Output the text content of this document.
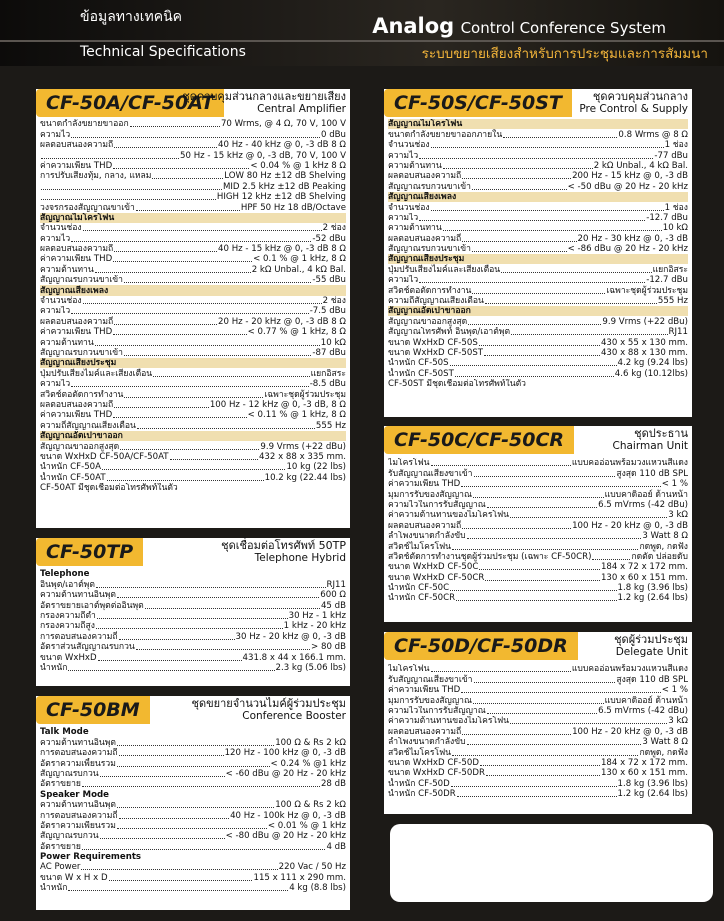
ข้อมูลทางเทคนิค
Technical Specifications
Analog Control Conference System
ระบบขยายเสียงสำหรับการประชุมและการสัมมนา
CF-50A/CF-50AT
ชุดควบคุมส่วนกลางและขยายเสียง
Central Amplifier
ขนาดกำลังขยายขาออก	70 Wrms, @ 4 Ω, 70 V, 100 V
ความไว	0 dBu
ผลตอบสนองความถี่	40 Hz - 40 kHz @ 0, -3 dB 8 Ω
50 Hz - 15 kHz @ 0, -3 dB, 70 V, 100 V
ค่าความเพี้ยน THD	< 0.04 % @ 1 kHz 8 Ω
การปรับเสียงทุ้ม, กลาง, แหลม	LOW 80 Hz ±12 dB Shelving
MID 2.5 kHz ±12 dB Peaking
HIGH 12 kHz ±12 dB Shelving
วงจรกรองสัญญาณขาเข้า	HPF 50 Hz 18 dB/Octave
สัญญาณไมโครโฟน
จำนวนช่อง	2 ช่อง
ความไว	-52 dBu
ผลตอบสนองความถี่	40 Hz - 15 kHz @ 0, -3 dB 8 Ω
ค่าความเพี้ยน THD	< 0.1 % @ 1 kHz, 8 Ω
ความต้านทาน	2 kΩ Unbal., 4 kΩ Bal.
สัญญาณรบกวนขาเข้า	-55 dBu
สัญญาณเสียงเพลง
จำนวนช่อง	2 ช่อง
ความไว	-7.5 dBu
ผลตอบสนองความถี่	20 Hz - 20 kHz @ 0, -3 dB 8 Ω
ค่าความเพี้ยน THD	< 0.77 % @ 1 kHz, 8 Ω
ความต้านทาน	10 kΩ
สัญญาณรบกวนขาเข้า	-87 dBu
สัญญาณเสียงประชุม
ปุ่มปรับเสียงไมค์และเสียงเตือน	แยกอิสระ
ความไว	-8.5 dBu
สวิตช์ตอตัดการทำงาน	เฉพาะชุดผู้ร่วมประชุม
ผลตอบสนองความถี่	100 Hz - 12 kHz @ 0, -3 dB, 8 Ω
ค่าความเพี้ยน THD	< 0.11 % @ 1 kHz, 8 Ω
ความถี่สัญญาณเสียงเตือน	555 Hz
สัญญาณอัตเปาขาออก
สัญญาณขาออกสูงสุด	9.9 Vrms (+22 dBu)
ขนาด WxHxD CF-50A/CF-50AT	432 x 88 x 335 mm.
น้ำหนัก CF-50A	10 kg (22 lbs)
น้ำหนัก CF-50AT	10.2 kg (22.44 lbs)
CF-50AT มีชุดเชื่อมต่อโทรศัพท์ในตัว
CF-50TP	ชุดเชื่อมต่อโทรศัพท์ 50TP
Telephone Hybrid
Telephone
อินพุต/เอาต์พุต	RJ11
ความต้านทานอินพุต	600 Ω
อัตราขยายเอาต์พุตต่ออินพุต	45 dB
กรองความถี่ต่ำ	30 Hz - 1 kHz
กรองความถี่สูง	1 kHz - 20 kHz
การตอบสนองความถี่	30 Hz - 20 kHz @ 0, -3 dB
อัตราส่วนสัญญาณรบกวน	> 80 dB
ขนาด WxHxD	431.8 x 44 x 166.1 mm.
น้ำหนัก	2.3 kg (5.06 lbs)
CF-50BM	ชุดขยายจำนวนไมค์ผู้ร่วมประชุม
Conference Booster
Talk Mode
ความต้านทานอินพุต	100 Ω & Rs 2 kΩ
การตอบสนองความถี่	120 Hz - 100 kHz @ 0, -3 dB
อัตราความเพี้ยนรวม	< 0.24 % @1 kHz
สัญญาณรบกวน	< -60 dBu @ 20 Hz - 20 kHz
อัตราขยาย	28 dB
Speaker Mode
ความต้านทานอินพุต	100 Ω & Rs 2 kΩ
การตอบสนองความถี่	40 Hz - 100k Hz @ 0, -3 dB
อัตราความเพี้ยนรวม	< 0.01 % @ 1 kHz
สัญญาณรบกวน	< -80 dBu @ 20 Hz - 20 kHz
อัตราขยาย	4 dB
Power Requirements
AC Power	220 Vac / 50 Hz
ขนาด W x H x D	115 x 111 x 290 mm.
น้ำหนัก	4 kg (8.8 lbs)
CF-50S/CF-50ST	ชุดควบคุมส่วนกลาง
Pre Control & Supply
สัญญาณไมโครโฟน
ขนาดกำลังขยายขาออกภายใน	0.8 Wrms @ 8 Ω
จำนวนช่อง	1 ช่อง
ความไว	-77 dBu
ความต้านทาน	2 kΩ Unbal., 4 kΩ Bal.
ผลตอบสนองความถี่	200 Hz - 15 kHz @ 0, -3 dB
สัญญาณรบกวนขาเข้า	< -50 dBu @ 20 Hz - 20 kHz
สัญญาณเสียงเพลง
จำนวนช่อง	1 ช่อง
ความไว	-12.7 dBu
ความต้านทาน	10 kΩ
ผลตอบสนองความถี่	20 Hz - 30 kHz @ 0, -3 dB
สัญญาณรบกวนขาเข้า	< -86 dBu @ 20 Hz - 20 kHz
สัญญาณเสียงประชุม
ปุ่มปรับเสียงไมค์และเสียงเตือน	แยกอิสระ
ความไว	-12.7 dBu
สวิตช์ตอตัดการทำงาน	เฉพาะชุดผู้ร่วมประชุม
ความถี่สัญญาณเสียงเตือน	555 Hz
สัญญาณอัตเปาขาออก
สัญญาณขาออกสูงสุด	9.9 Vrms (+22 dBu)
สัญญาณโทรศัพท์ อินพุต/เอาต์พุต	RJ11
ขนาด WxHxD CF-50S	430 x 55 x 130 mm.
ขนาด WxHxD CF-50ST	430 x 88 x 130 mm.
น้ำหนัก CF-50S	4.2 kg (9.24 lbs)
น้ำหนัก CF-50ST	4.6 kg (10.12lbs)
CF-50ST มีชุดเชื่อมต่อโทรศัพท์ในตัว
CF-50C/CF-50CR	ชุดประธาน
Chairman Unit
ไมโครโฟน	แบบคออ่อนพร้อมวงแหวนสีแดง
รับสัญญาณเสียงขาเข้า	สูงสุด 110 dB SPL
ค่าความเพี้ยน THD	< 1 %
มุมการรับของสัญญาณ	แบบคาดิออย์ ด้านหน้า
ความไวในการรับสัญญาณ	6.5 mVrms (-42 dBu)
ค่าความต้านทานของไมโครโฟน	3 kΩ
ผลตอบสนองความถี่	100 Hz - 20 kHz @ 0, -3 dB
ลำโพงขนาดกำลังขับ	3 Watt 8 Ω
สวิตช์ไมโครโฟน	กดพูด, กดฟัง
สวิตช์ตัดการทำงานชุดผู้ร่วมประชุม (เฉพาะ CF-50CR)	กดตัด ปล่อยดับ
ขนาด WxHxD CF-50C	184 x 72 x 172 mm.
ขนาด WxHxD CF-50CR	130 x 60 x 151 mm.
น้ำหนัก CF-50C	1.8 kg (3.96 lbs)
น้ำหนัก CF-50CR	1.2 kg (2.64 lbs)
CF-50D/CF-50DR	ชุดผู้ร่วมประชุม
Delegate Unit
ไมโครโฟน	แบบคออ่อนพร้อมวงแหวนสีแดง
รับสัญญาณเสียงขาเข้า	สูงสุด 110 dB SPL
ค่าความเพี้ยน THD	< 1 %
มุมการรับของสัญญาณ	แบบคาดิออย์ ด้านหน้า
ความไวในการรับสัญญาณ	6.5 mVrms (-42 dBu)
ค่าความต้านทานของไมโครโฟน	3 kΩ
ผลตอบสนองความถี่	100 Hz - 20 kHz @ 0, -3 dB
ลำโพงขนาดกำลังขับ	3 Watt 8 Ω
สวิตช์ไมโครโฟน	กดพูด, กดฟัง
ขนาด WxHxD CF-50D	184 x 72 x 172 mm.
ขนาด WxHxD CF-50DR	130 x 60 x 151 mm.
น้ำหนัก CF-50D	1.8 kg (3.96 lbs)
น้ำหนัก CF-50DR	1.2 kg (2.64 lbs)
